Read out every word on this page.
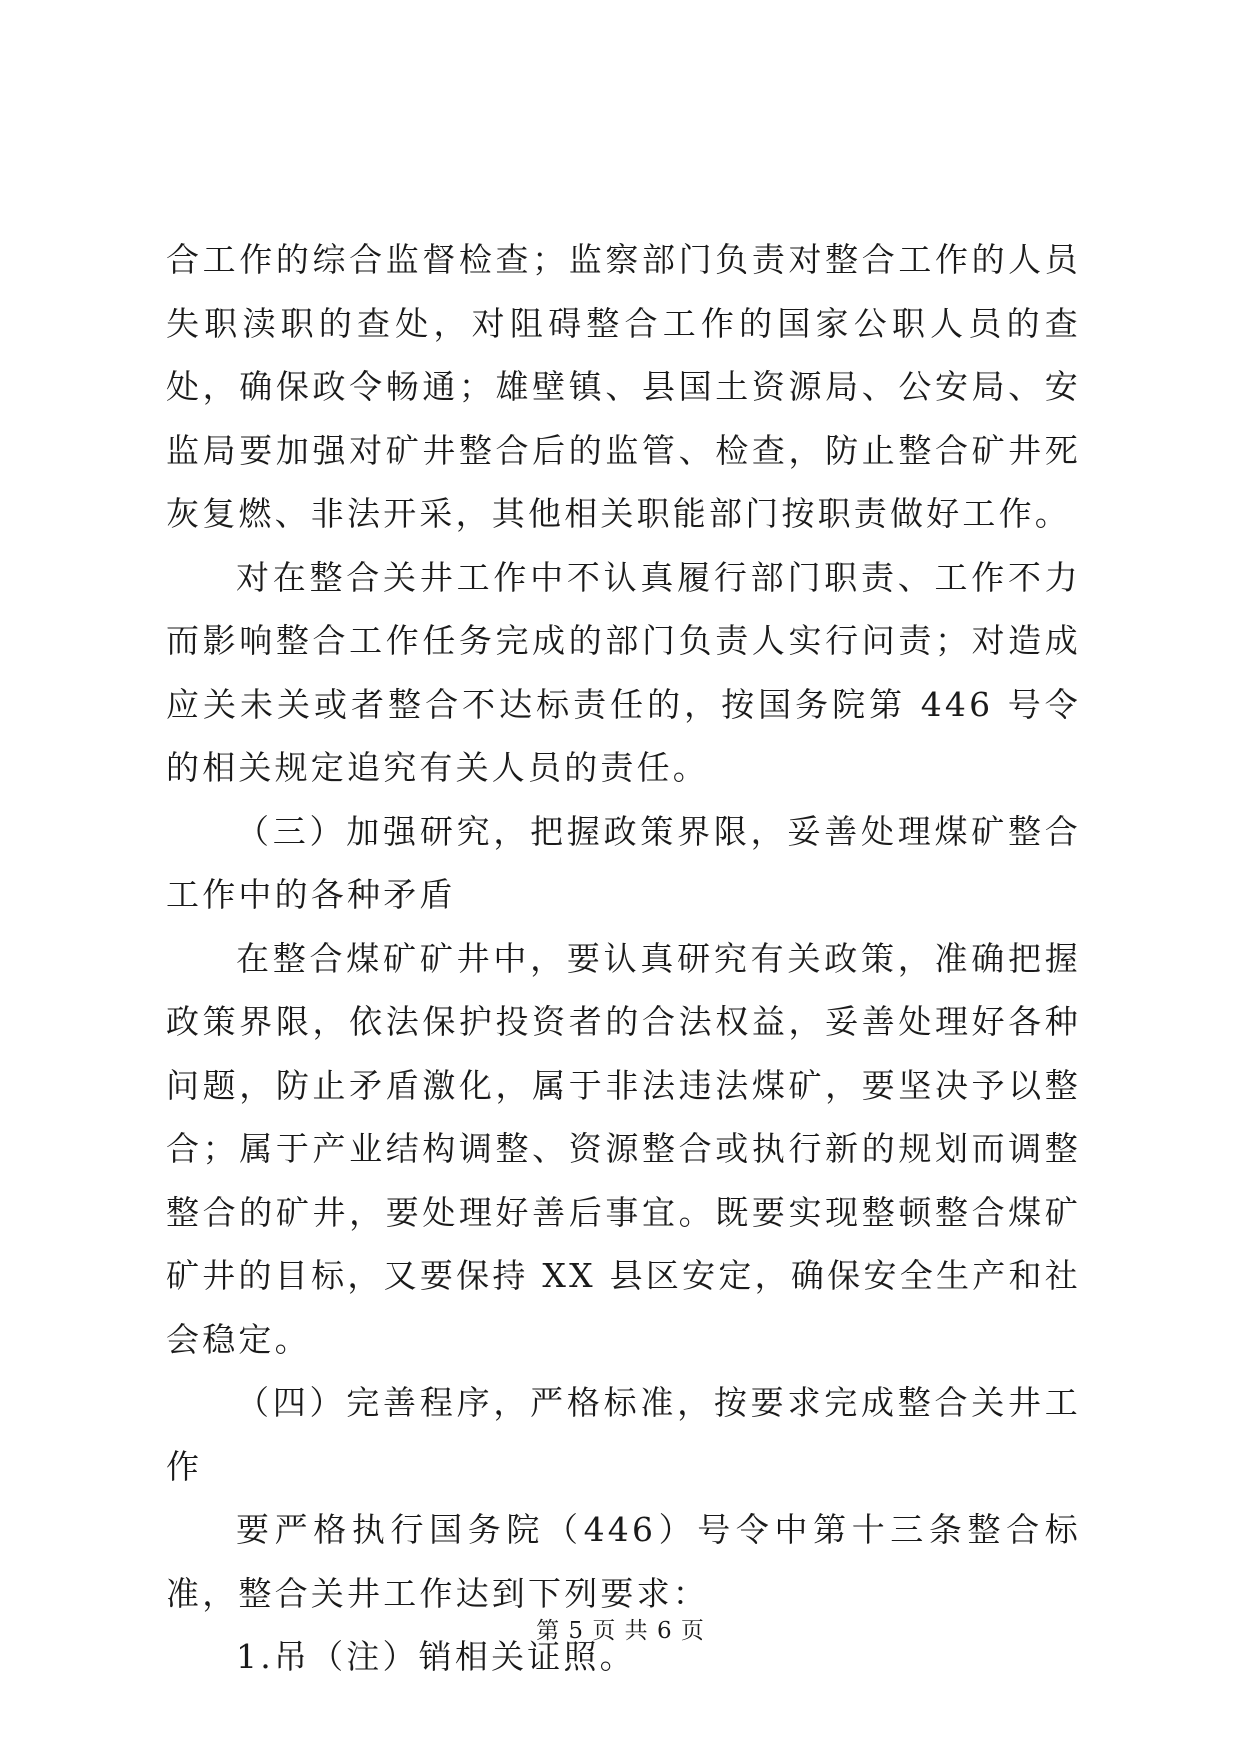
合工作的综合监督检查；监察部门负责对整合工作的人员失职渎职的查处，对阻碍整合工作的国家公职人员的查处，确保政令畅通；雄壁镇、县国土资源局、公安局、安监局要加强对矿井整合后的监管、检查，防止整合矿井死灰复燃、非法开采，其他相关职能部门按职责做好工作。

对在整合关井工作中不认真履行部门职责、工作不力而影响整合工作任务完成的部门负责人实行问责；对造成应关未关或者整合不达标责任的，按国务院第 446 号令的相关规定追究有关人员的责任。

（三）加强研究，把握政策界限，妥善处理煤矿整合工作中的各种矛盾

在整合煤矿矿井中，要认真研究有关政策，准确把握政策界限，依法保护投资者的合法权益，妥善处理好各种问题，防止矛盾激化，属于非法违法煤矿，要坚决予以整合；属于产业结构调整、资源整合或执行新的规划而调整整合的矿井，要处理好善后事宜。既要实现整顿整合煤矿矿井的目标，又要保持 XX 县区安定，确保安全生产和社会稳定。

（四）完善程序，严格标准，按要求完成整合关井工作

要严格执行国务院（446）号令中第十三条整合标准，整合关井工作达到下列要求：

1.吊（注）销相关证照。

第 5 页 共 6 页
